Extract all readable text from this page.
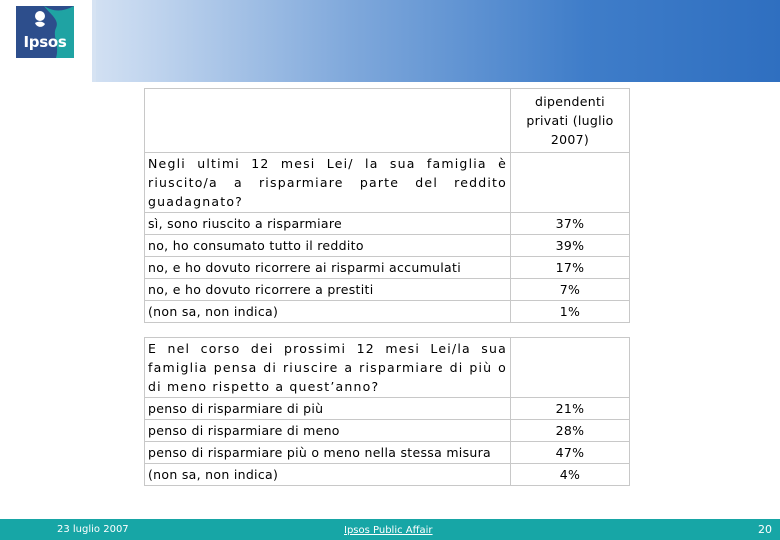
Ipsos
	dipendenti privati (luglio 2007)
Negli ultimi 12 mesi Lei/ la sua famiglia è riuscito/a a risparmiare parte del reddito guadagnato?	
sì, sono riuscito a risparmiare	37%
no, ho consumato tutto il reddito	39%
no, e ho dovuto ricorrere ai risparmi accumulati	17%
no, e ho dovuto ricorrere a prestiti	7%
(non sa, non indica)	1%
E nel corso dei prossimi 12 mesi Lei/la sua famiglia pensa di riuscire a risparmiare di più o di meno rispetto a quest’anno?	
penso di risparmiare di più	21%
penso di risparmiare di meno	28%
penso di risparmiare più o meno nella stessa misura	47%
(non sa, non indica)	4%
23 luglio 2007	Ipsos Public Affair	20
